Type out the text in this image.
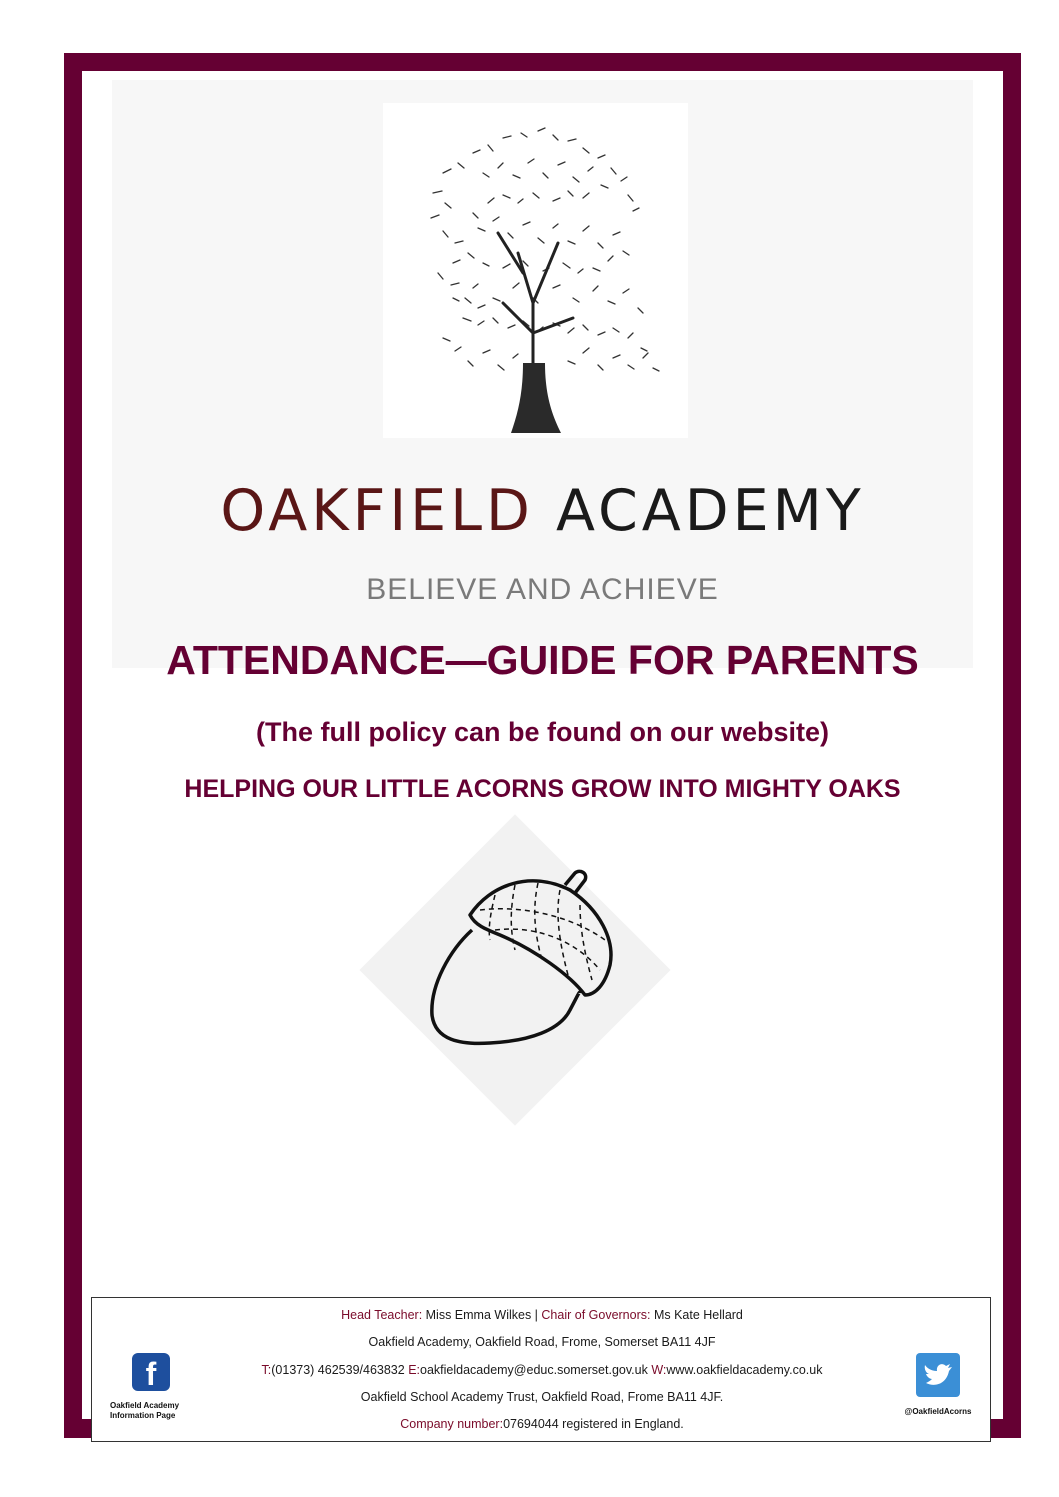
OAKFIELD ACADEMY
BELIEVE AND ACHIEVE
ATTENDANCE—GUIDE FOR PARENTS
(The full policy can be found on our website)
HELPING OUR LITTLE ACORNS GROW INTO MIGHTY OAKS
Head Teacher: Miss Emma Wilkes | Chair of Governors: Ms Kate Hellard
Oakfield Academy, Oakfield Road, Frome, Somerset BA11 4JF
T:(01373) 462539/463832 E:oakfieldacademy@educ.somerset.gov.uk W:www.oakfieldacademy.co.uk
Oakfield School Academy Trust, Oakfield Road, Frome BA11 4JF.
Company number:07694044 registered in England.
f
Oakfield Academy
Information Page	@OakfieldAcorns
